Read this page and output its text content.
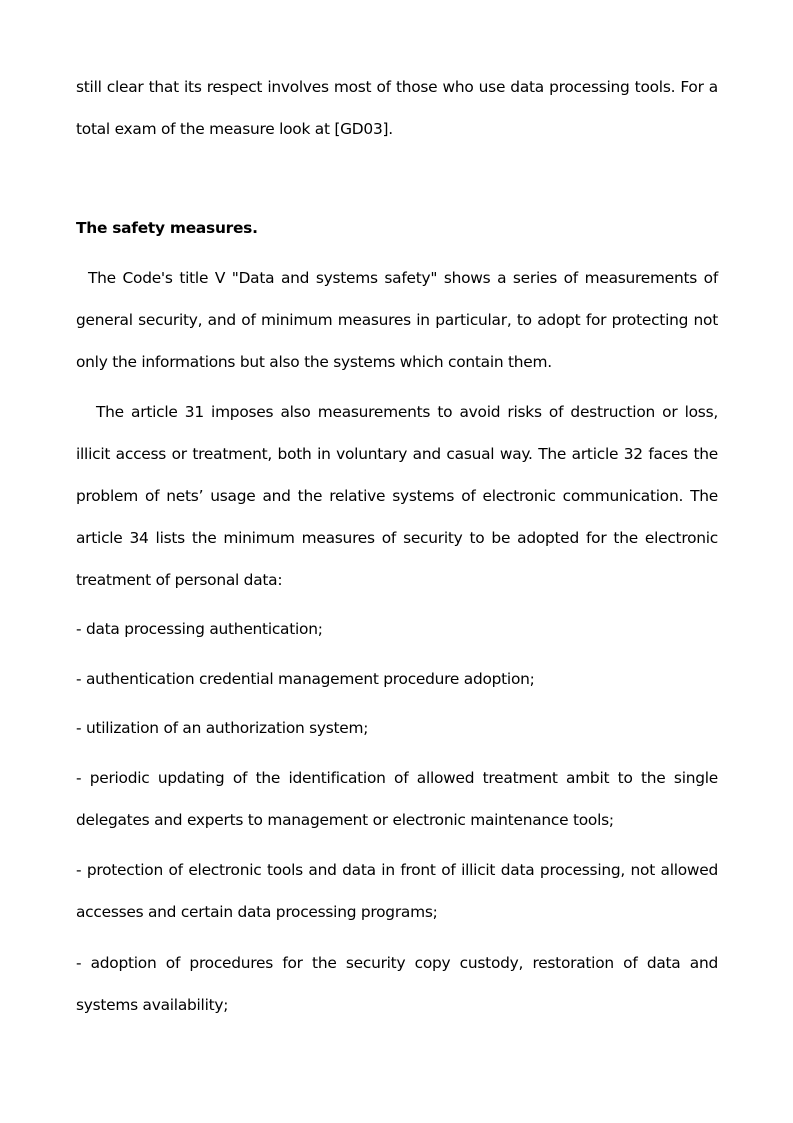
still clear that its respect involves most of those who use data processing tools. For a total exam of the measure look at [GD03].

The safety measures.

The Code's title V "Data and systems safety" shows a series of measurements of general security, and of minimum measures in particular, to adopt for protecting not only the informations but also the systems which contain them.

The article 31 imposes also measurements to avoid risks of destruction or loss, illicit access or treatment, both in voluntary and casual way. The article 32 faces the problem of nets’ usage and the relative systems of electronic communication. The article 34 lists the minimum measures of security to be adopted for the electronic treatment of personal data:

- data processing authentication;

- authentication credential management procedure adoption;

- utilization of an authorization system;

- periodic updating of the identification of allowed treatment ambit to the single delegates and experts to management or electronic maintenance tools;

- protection of electronic tools and data in front of illicit data processing, not allowed accesses and certain data processing programs;

- adoption of procedures for the security copy custody, restoration of data and systems availability;
